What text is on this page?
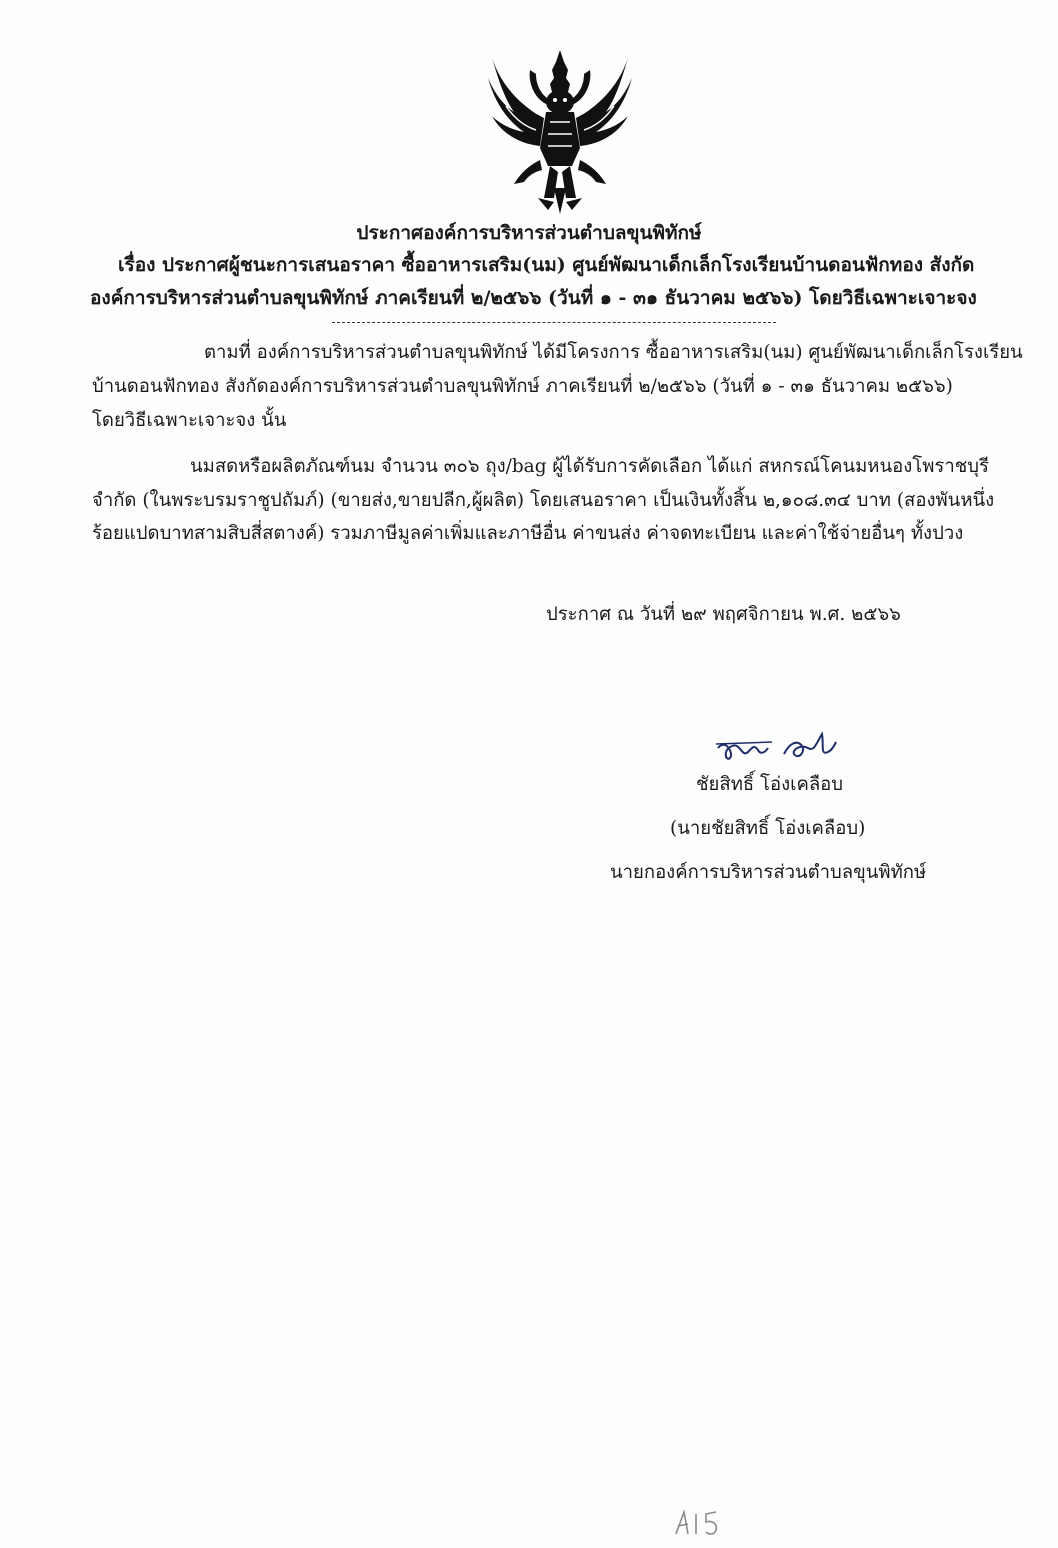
ประกาศองค์การบริหารส่วนตำบลขุนพิทักษ์

เรื่อง ประกาศผู้ชนะการเสนอราคา ซื้ออาหารเสริม(นม) ศูนย์พัฒนาเด็กเล็กโรงเรียนบ้านดอนฟักทอง สังกัด
องค์การบริหารส่วนตำบลขุนพิทักษ์ ภาคเรียนที่ ๒/๒๕๖๖ (วันที่ ๑ - ๓๑ ธันวาคม ๒๕๖๖) โดยวิธีเฉพาะเจาะจง

ตามที่ องค์การบริหารส่วนตำบลขุนพิทักษ์ ได้มีโครงการ ซื้ออาหารเสริม(นม) ศูนย์พัฒนาเด็กเล็กโรงเรียน

บ้านดอนฟักทอง สังกัดองค์การบริหารส่วนตำบลขุนพิทักษ์ ภาคเรียนที่ ๒/๒๕๖๖ (วันที่ ๑ - ๓๑ ธันวาคม ๒๕๖๖)

โดยวิธีเฉพาะเจาะจง นั้น

นมสดหรือผลิตภัณฑ์นม จำนวน ๓๐๖ ถุง/bag ผู้ได้รับการคัดเลือก ได้แก่ สหกรณ์โคนมหนองโพราชบุรี

จำกัด (ในพระบรมราชูปถัมภ์) (ขายส่ง,ขายปลีก,ผู้ผลิต) โดยเสนอราคา เป็นเงินทั้งสิ้น ๒,๑๐๘.๓๔ บาท (สองพันหนึ่ง

ร้อยแปดบาทสามสิบสี่สตางค์) รวมภาษีมูลค่าเพิ่มและภาษีอื่น ค่าขนส่ง ค่าจดทะเบียน และค่าใช้จ่ายอื่นๆ ทั้งปวง

ประกาศ ณ วันที่ ๒๙ พฤศจิกายน พ.ศ. ๒๕๖๖
ชัยสิทธิ์ โอ่งเคลือบ
(นายชัยสิทธิ์ โอ่งเคลือบ)
นายกองค์การบริหารส่วนตำบลขุนพิทักษ์
